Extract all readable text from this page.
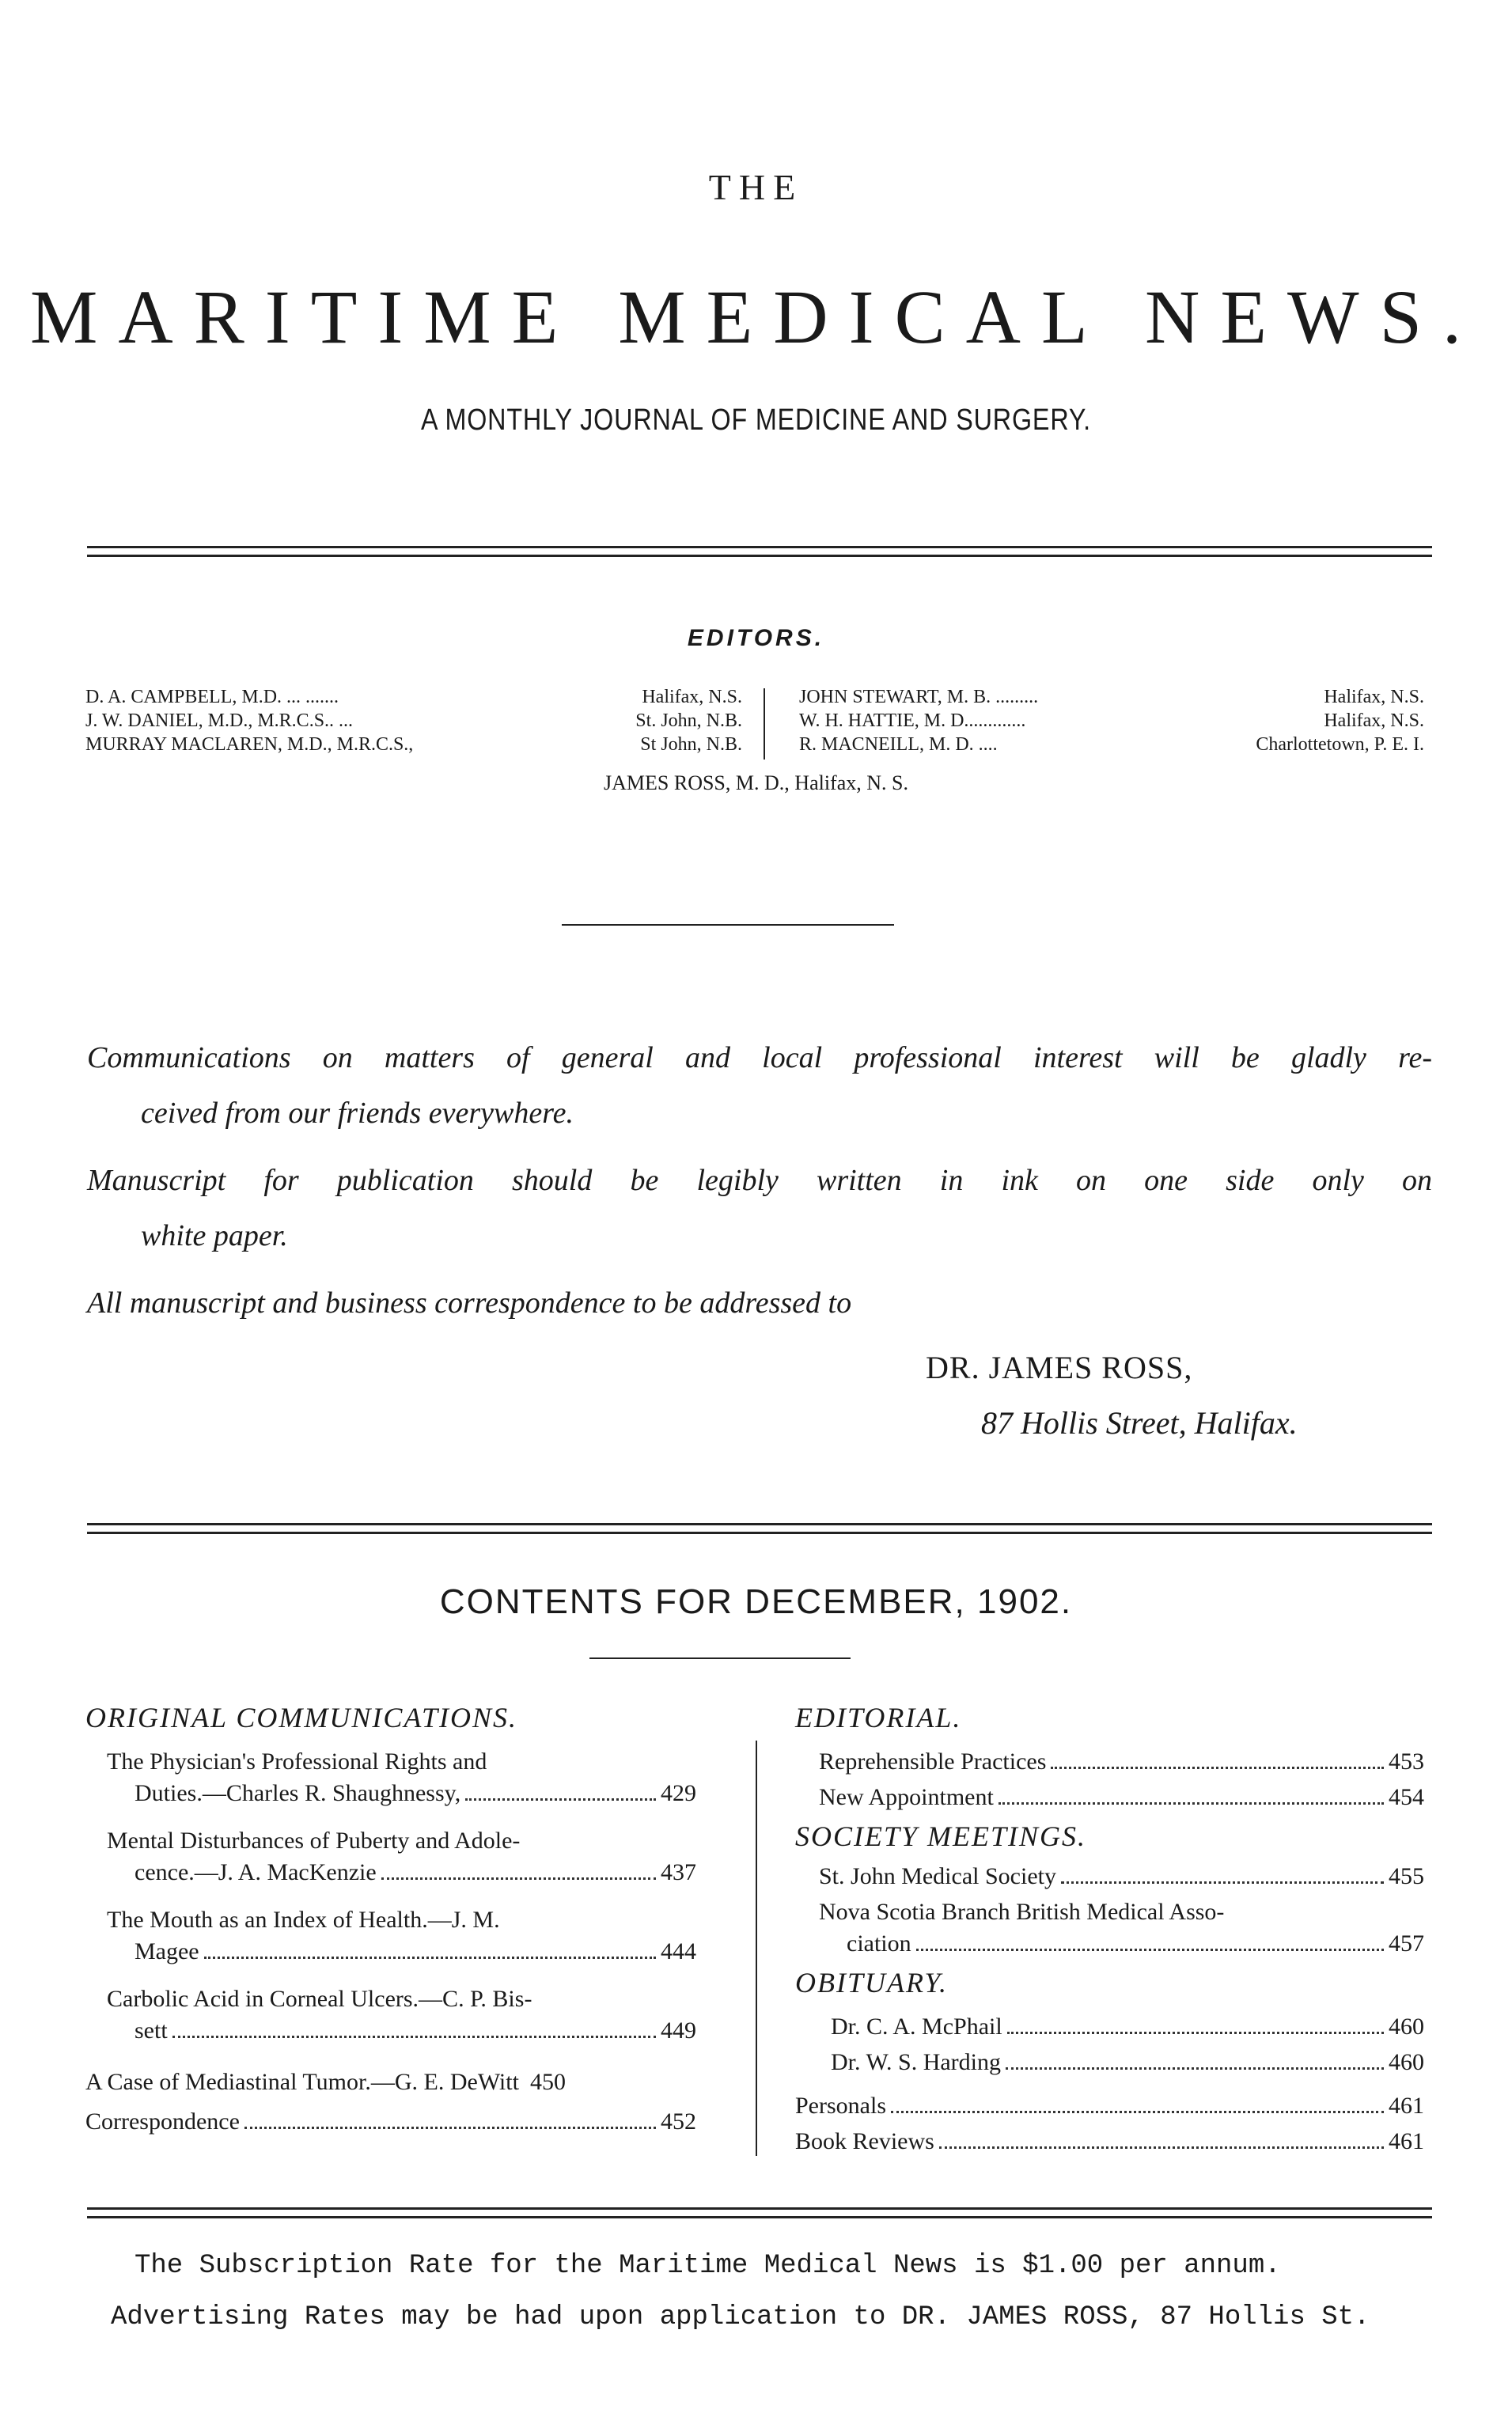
THE
MARITIME MEDICAL NEWS.
A MONTHLY JOURNAL OF MEDICINE AND SURGERY.
EDITORS.
D. A. CAMPBELL, M.D. ... .......	Halifax, N.S.
J. W. DANIEL, M.D., M.R.C.S.. ...	St. John, N.B.
MURRAY MACLAREN, M.D., M.R.C.S.,	St John, N.B.
JOHN STEWART, M. B. .........	Halifax, N.S.
W. H. HATTIE, M. D.............	Halifax, N.S.
R. MACNEILL, M. D. ....	Charlottetown, P. E. I.
JAMES ROSS, M. D., Halifax, N. S.
Communications on matters of general and local professional interest will be gladly re-
ceived from our friends everywhere.
Manuscript for publication should be legibly written in ink on one side only on
white paper.
All manuscript and business correspondence to be addressed to
DR. JAMES ROSS,
87 Hollis Street, Halifax.
CONTENTS FOR DECEMBER, 1902.
ORIGINAL COMMUNICATIONS.
The Physician's Professional Rights and
Duties.—Charles R. Shaughnessy,	429
Mental Disturbances of Puberty and Adole-
cence.—J. A. MacKenzie	437
The Mouth as an Index of Health.—J. M.
Magee	444
Carbolic Acid in Corneal Ulcers.—C. P. Bis-
sett	449
A Case of Mediastinal Tumor.—G. E. DeWitt 450
Correspondence	452
EDITORIAL.
Reprehensible Practices	453
New Appointment	454
SOCIETY MEETINGS.
St. John Medical Society	455
Nova Scotia Branch British Medical Asso-
ciation	457
OBITUARY.
Dr. C. A. McPhail	460
Dr. W. S. Harding	460
Personals	461
Book Reviews	461
The Subscription Rate for the Maritime Medical News is $1.00 per annum.
Advertising Rates may be had upon application to DR. JAMES ROSS, 87 Hollis St.
